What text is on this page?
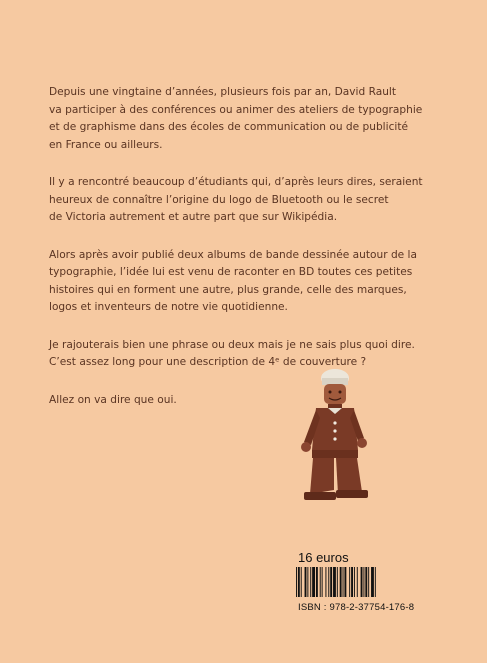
Depuis une vingtaine d’années, plusieurs fois par an, David Rault
va participer à des conférences ou animer des ateliers de typographie
et de graphisme dans des écoles de communication ou de publicité
en France ou ailleurs.

Il y a rencontré beaucoup d’étudiants qui, d’après leurs dires, seraient
heureux de connaître l’origine du logo de Bluetooth ou le secret
de Victoria autrement et autre part que sur Wikipédia.

Alors après avoir publié deux albums de bande dessinée autour de la
typographie, l’idée lui est venu de raconter en BD toutes ces petites
histoires qui en forment une autre, plus grande, celle des marques,
logos et inventeurs de notre vie quotidienne.

Je rajouterais bien une phrase ou deux mais je ne sais plus quoi dire.
C’est assez long pour une description de 4ᵉ de couverture ?

Allez on va dire que oui.

16 euros
ISBN : 978-2-37754-176-8
